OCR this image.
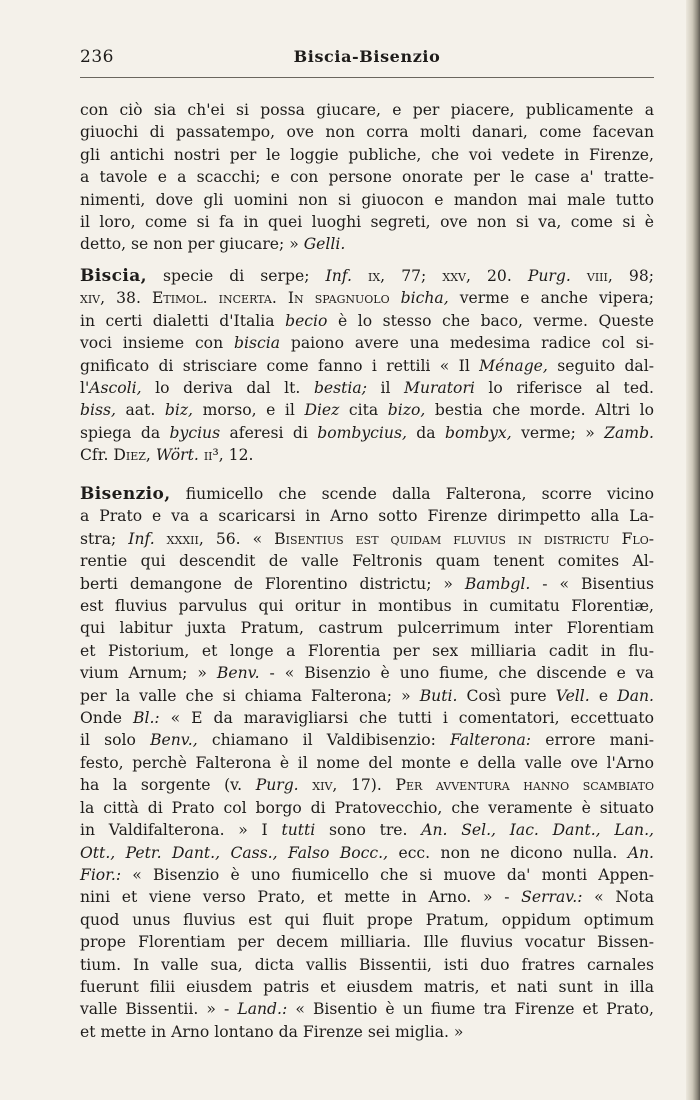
236	Biscia-Bisenzio
con ciò sia ch'ei si possa giucare, e per piacere, publicamente a
giuochi di passatempo, ove non corra molti danari, come facevan
gli antichi nostri per le loggie publiche, che voi vedete in Firenze,
a tavole e a scacchi; e con persone onorate per le case a' tratte-
nimenti, dove gli uomini non si giuocon e mandon mai male tutto
il loro, come si fa in quei luoghi segreti, ove non si va, come si è
detto, se non per giucare; » Gelli.
Biscia, specie di serpe; Inf. ix, 77; xxv, 20. Purg. viii, 98;
xiv, 38. Etimol. incerta. In spagnuolo bicha, verme e anche vipera;
in certi dialetti d'Italia becio è lo stesso che baco, verme. Queste
voci insieme con biscia paiono avere una medesima radice col si-
gnificato di strisciare come fanno i rettili « Il Ménage, seguito dal-
l'Ascoli, lo deriva dal lt. bestia; il Muratori lo riferisce al ted.
biss, aat. biz, morso, e il Diez cita bizo, bestia che morde. Altri lo
spiega da bycius aferesi di bombycius, da bombyx, verme; » Zamb.
Cfr. Diez, Wört. ii³, 12.
Bisenzio, fiumicello che scende dalla Falterona, scorre vicino
a Prato e va a scaricarsi in Arno sotto Firenze dirimpetto alla La-
stra; Inf. xxxii, 56. « Bisentius est quidam fluvius in districtu Flo-
rentie qui descendit de valle Feltronis quam tenent comites Al-
berti demangone de Florentino districtu; » Bambgl. - « Bisentius
est fluvius parvulus qui oritur in montibus in cumitatu Florentiæ,
qui labitur juxta Pratum, castrum pulcerrimum inter Florentiam
et Pistorium, et longe a Florentia per sex milliaria cadit in flu-
vium Arnum; » Benv. - « Bisenzio è uno fiume, che discende e va
per la valle che si chiama Falterona; » Buti. Così pure Vell. e Dan.
Onde Bl.: « E da maravigliarsi che tutti i comentatori, eccettuato
il solo Benv., chiamano il Valdibisenzio: Falterona: errore mani-
festo, perchè Falterona è il nome del monte e della valle ove l'Arno
ha la sorgente (v. Purg. xiv, 17). Per avventura hanno scambiato
la città di Prato col borgo di Pratovecchio, che veramente è situato
in Valdifalterona. » I tutti sono tre. An. Sel., Iac. Dant., Lan.,
Ott., Petr. Dant., Cass., Falso Bocc., ecc. non ne dicono nulla. An.
Fior.: « Bisenzio è uno fiumicello che si muove da' monti Appen-
nini et viene verso Prato, et mette in Arno. » - Serrav.: « Nota
quod unus fluvius est qui fluit prope Pratum, oppidum optimum
prope Florentiam per decem milliaria. Ille fluvius vocatur Bissen-
tium. In valle sua, dicta vallis Bissentii, isti duo fratres carnales
fuerunt filii eiusdem patris et eiusdem matris, et nati sunt in illa
valle Bissentii. » - Land.: « Bisentio è un fiume tra Firenze et Prato,
et mette in Arno lontano da Firenze sei miglia. »
